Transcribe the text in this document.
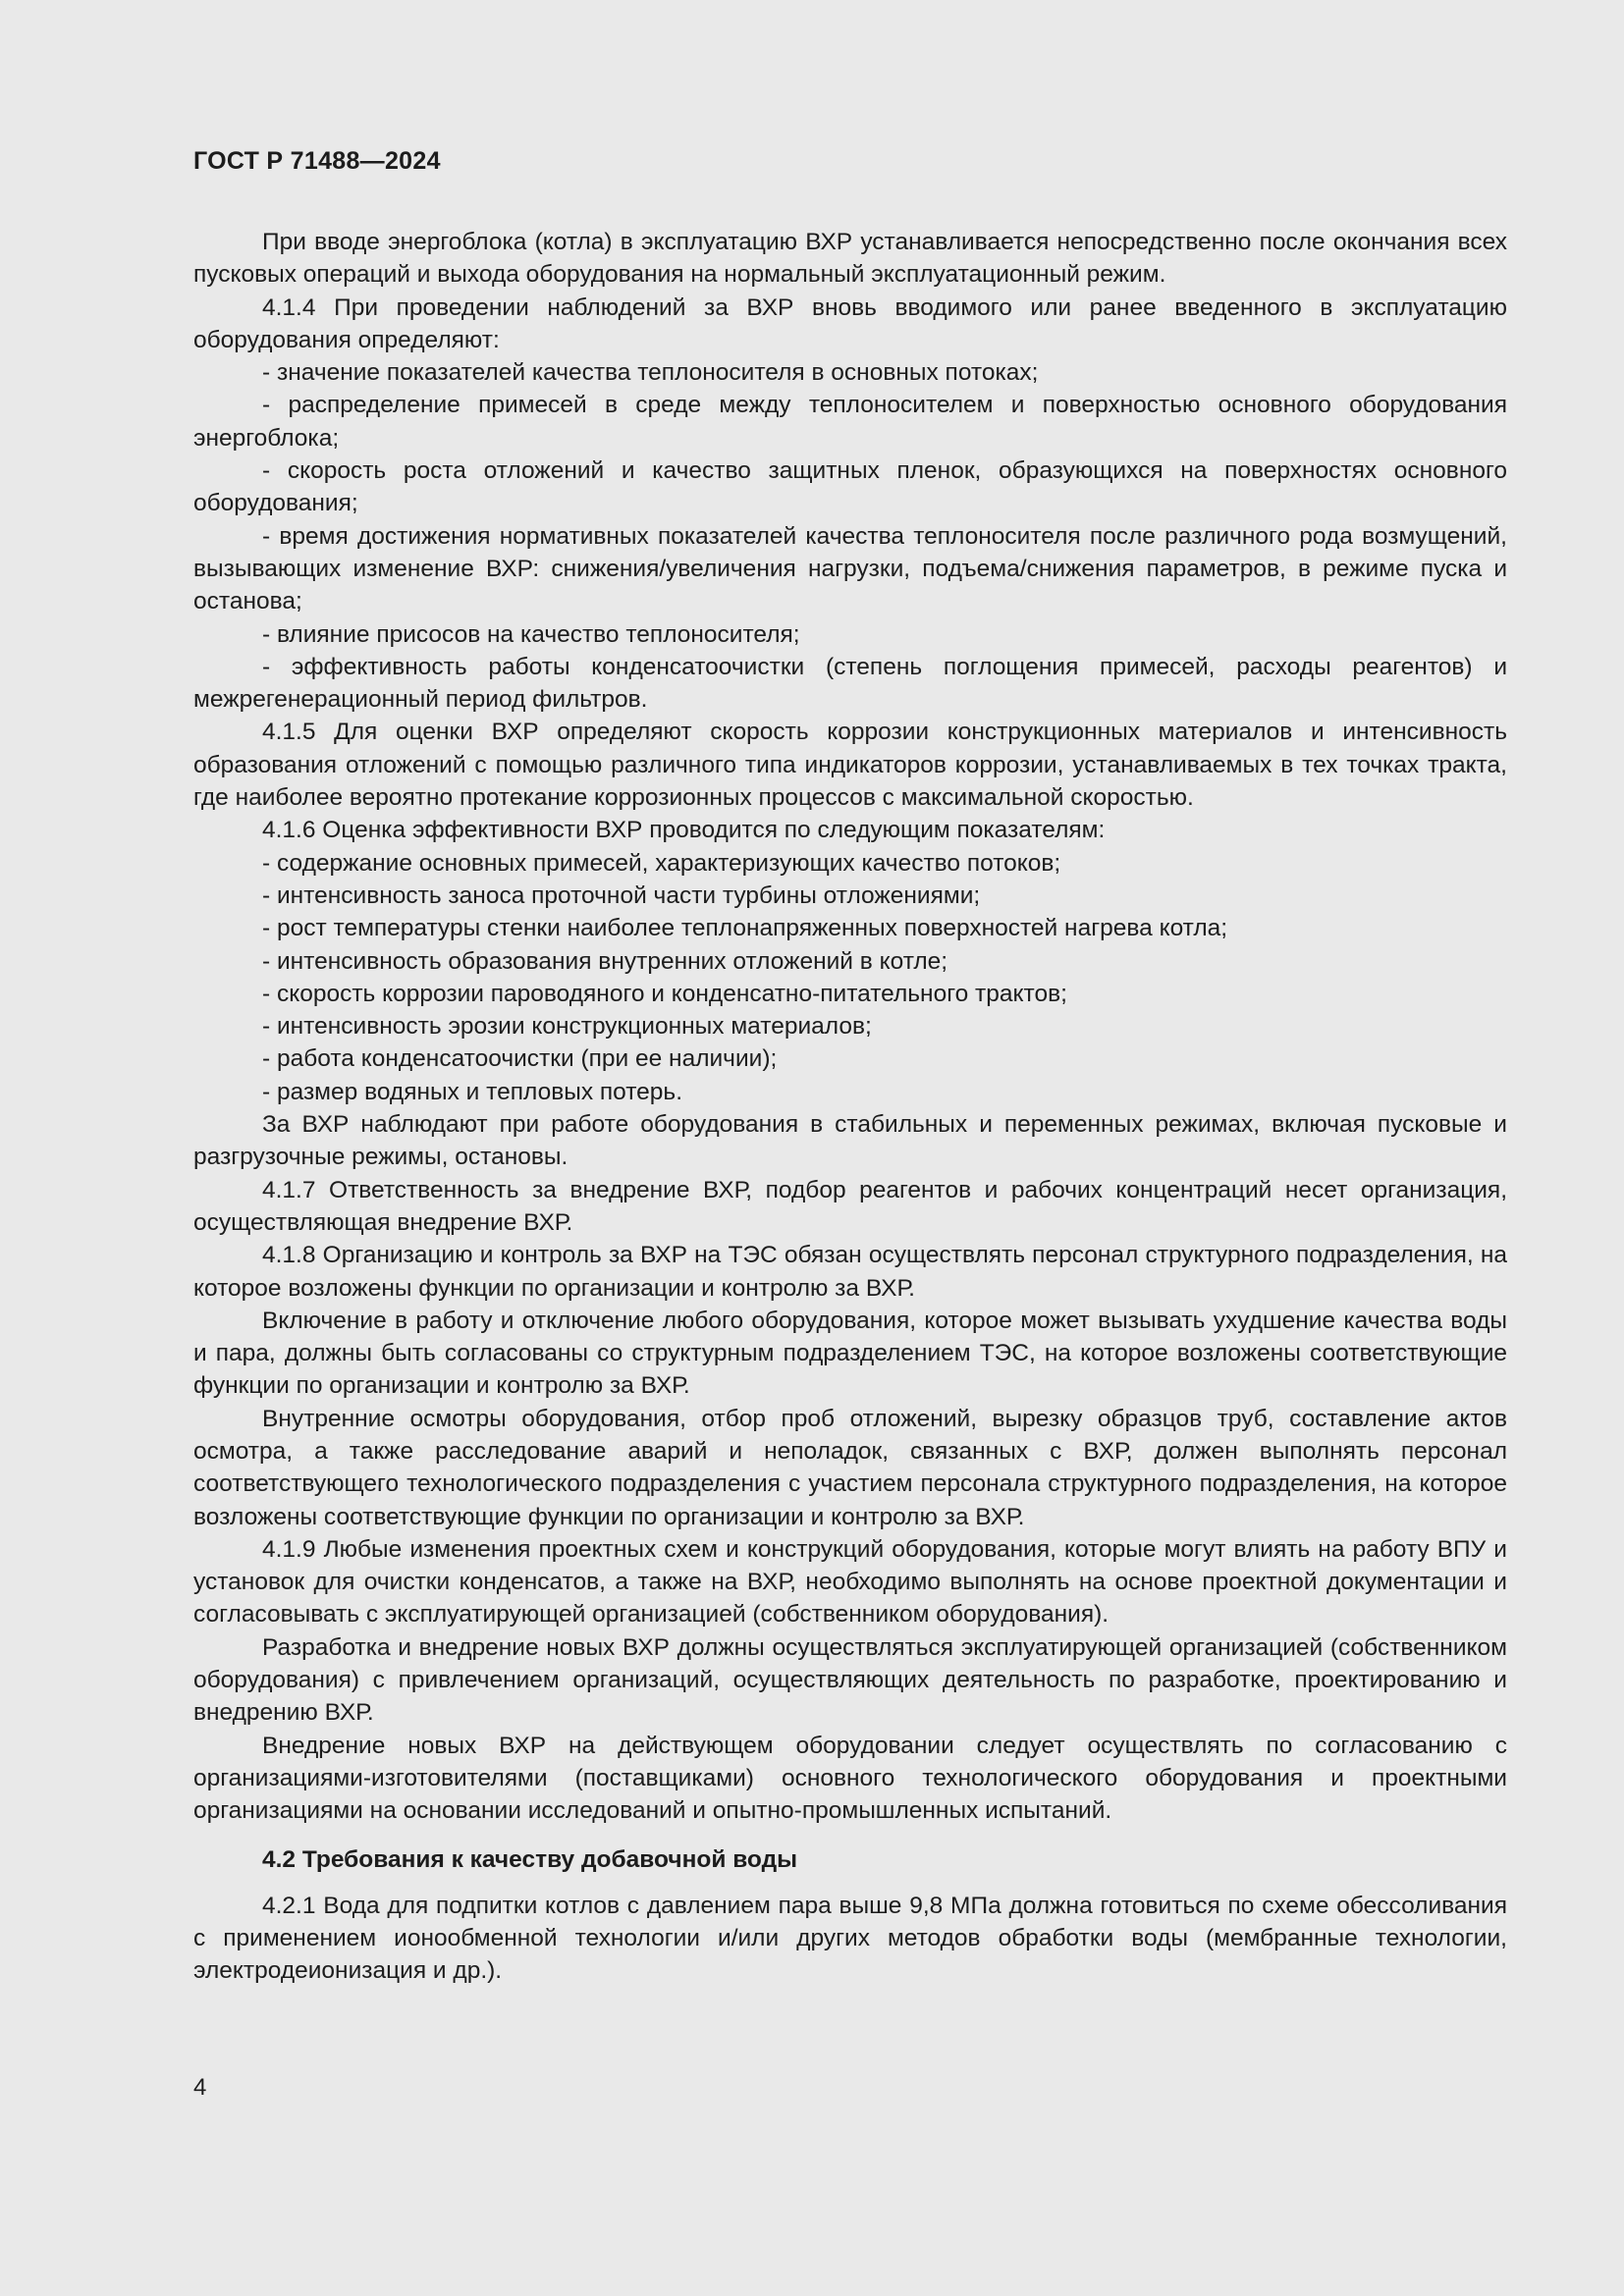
ГОСТ Р 71488—2024

При вводе энергоблока (котла) в эксплуатацию ВХР устанавливается непосредственно после окончания всех пусковых операций и выхода оборудования на нормальный эксплуатационный режим.

4.1.4 При проведении наблюдений за ВХР вновь вводимого или ранее введенного в эксплуатацию оборудования определяют:

- значение показателей качества теплоносителя в основных потоках;

- распределение примесей в среде между теплоносителем и поверхностью основного оборудования энергоблока;

- скорость роста отложений и качество защитных пленок, образующихся на поверхностях основного оборудования;

- время достижения нормативных показателей качества теплоносителя после различного рода возмущений, вызывающих изменение ВХР: снижения/увеличения нагрузки, подъема/снижения параметров, в режиме пуска и останова;

- влияние присосов на качество теплоносителя;

- эффективность работы конденсатоочистки (степень поглощения примесей, расходы реагентов) и межрегенерационный период фильтров.

4.1.5 Для оценки ВХР определяют скорость коррозии конструкционных материалов и интенсивность образования отложений с помощью различного типа индикаторов коррозии, устанавливаемых в тех точках тракта, где наиболее вероятно протекание коррозионных процессов с максимальной скоростью.

4.1.6 Оценка эффективности ВХР проводится по следующим показателям:

- содержание основных примесей, характеризующих качество потоков;

- интенсивность заноса проточной части турбины отложениями;

- рост температуры стенки наиболее теплонапряженных поверхностей нагрева котла;

- интенсивность образования внутренних отложений в котле;

- скорость коррозии пароводяного и конденсатно-питательного трактов;

- интенсивность эрозии конструкционных материалов;

- работа конденсатоочистки (при ее наличии);

- размер водяных и тепловых потерь.

За ВХР наблюдают при работе оборудования в стабильных и переменных режимах, включая пусковые и разгрузочные режимы, остановы.

4.1.7 Ответственность за внедрение ВХР, подбор реагентов и рабочих концентраций несет организация, осуществляющая внедрение ВХР.

4.1.8 Организацию и контроль за ВХР на ТЭС обязан осуществлять персонал структурного подразделения, на которое возложены функции по организации и контролю за ВХР.

Включение в работу и отключение любого оборудования, которое может вызывать ухудшение качества воды и пара, должны быть согласованы со структурным подразделением ТЭС, на которое возложены соответствующие функции по организации и контролю за ВХР.

Внутренние осмотры оборудования, отбор проб отложений, вырезку образцов труб, составление актов осмотра, а также расследование аварий и неполадок, связанных с ВХР, должен выполнять персонал соответствующего технологического подразделения с участием персонала структурного подразделения, на которое возложены соответствующие функции по организации и контролю за ВХР.

4.1.9 Любые изменения проектных схем и конструкций оборудования, которые могут влиять на работу ВПУ и установок для очистки конденсатов, а также на ВХР, необходимо выполнять на основе проектной документации и согласовывать с эксплуатирующей организацией (собственником оборудования).

Разработка и внедрение новых ВХР должны осуществляться эксплуатирующей организацией (собственником оборудования) с привлечением организаций, осуществляющих деятельность по разработке, проектированию и внедрению ВХР.

Внедрение новых ВХР на действующем оборудовании следует осуществлять по согласованию с организациями-изготовителями (поставщиками) основного технологического оборудования и проектными организациями на основании исследований и опытно-промышленных испытаний.

4.2 Требования к качеству добавочной воды

4.2.1 Вода для подпитки котлов с давлением пара выше 9,8 МПа должна готовиться по схеме обессоливания с применением ионообменной технологии и/или других методов обработки воды (мембранные технологии, электродеионизация и др.).

4
